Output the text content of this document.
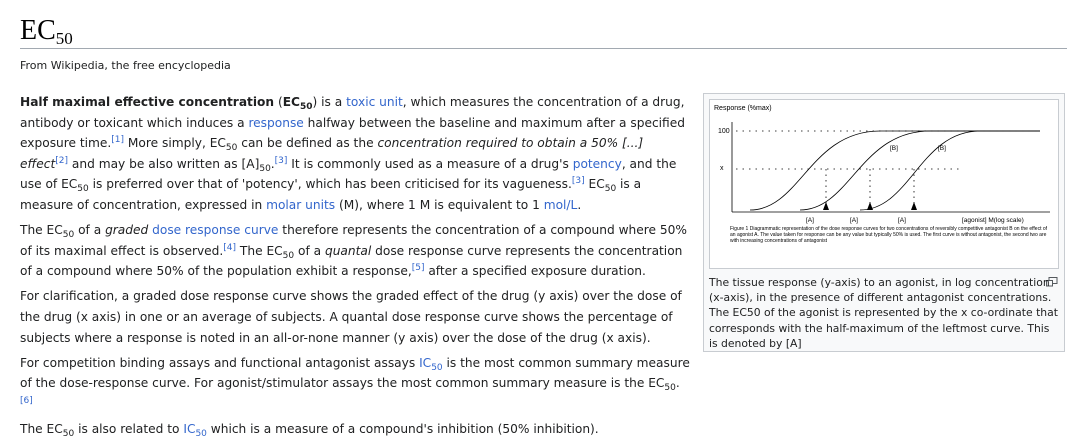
$EC_{50}$
From Wikipedia, the free encyclopedia

Half maximal effective concentration $(EC_{50})$ is a toxic unit, which measures the concentration of a drug, antibody or toxicant which induces a response halfway between the baseline and maximum after a specified exposure time.[1] More simply, $EC_{50}$ can be defined as the concentration required to obtain a 50% [...] effect[2] and may be also written as $[A]_{50}.[3]$ It is commonly used as a measure of a drug's potency, and the use of $EC_{50}$ is preferred over that of 'potency', which has been criticised for its vagueness.[3] $EC_{50}$ is a measure of concentration, expressed in molar units (M), where 1 M is equivalent to 1 mol/L.

The $EC_{50}$ of a graded dose response curve therefore represents the concentration of a compound where 50% of its maximal effect is observed.[4] The $EC_{50}$ of a quantal dose response curve represents the concentration of a compound where 50% of the population exhibit a response,[5] after a specified exposure duration.

For clarification, a graded dose response curve shows the graded effect of the drug (y axis) over the dose of the drug (x axis) in one or an average of subjects. A quantal dose response curve shows the percentage of subjects where a response is noted in an all-or-none manner (y axis) over the dose of the drug (x axis).

For competition binding assays and functional antagonist assays $IC_{50}$ is the most common summary measure of the dose-response curve. For agonist/stimulator assays the most common summary measure is the $EC_{50}.[6]$

The $EC_{50}$ is also related to $IC_{50}$ which is a measure of a compound's inhibition (50% inhibition).

Response (%max)
100
x
[B]	[B]
[A]	[A]	[A]	[agonist] M(log scale)
Figure 1 Diagrammatic representation of the dose response curves for two concentrations of reversibly competitive antagonist B on the effect of an agonist A. The value taken for response can be any value but typically 50% is used. The first curve is without antagonist, the second two are with increasing concentrations of antagonist
The tissue response (y-axis) to an agonist, in log concentration (x-axis), in the presence of different antagonist concentrations. The EC50 of the agonist is represented by the x co-ordinate that corresponds with the half-maximum of the leftmost curve. This is denoted by [A]
